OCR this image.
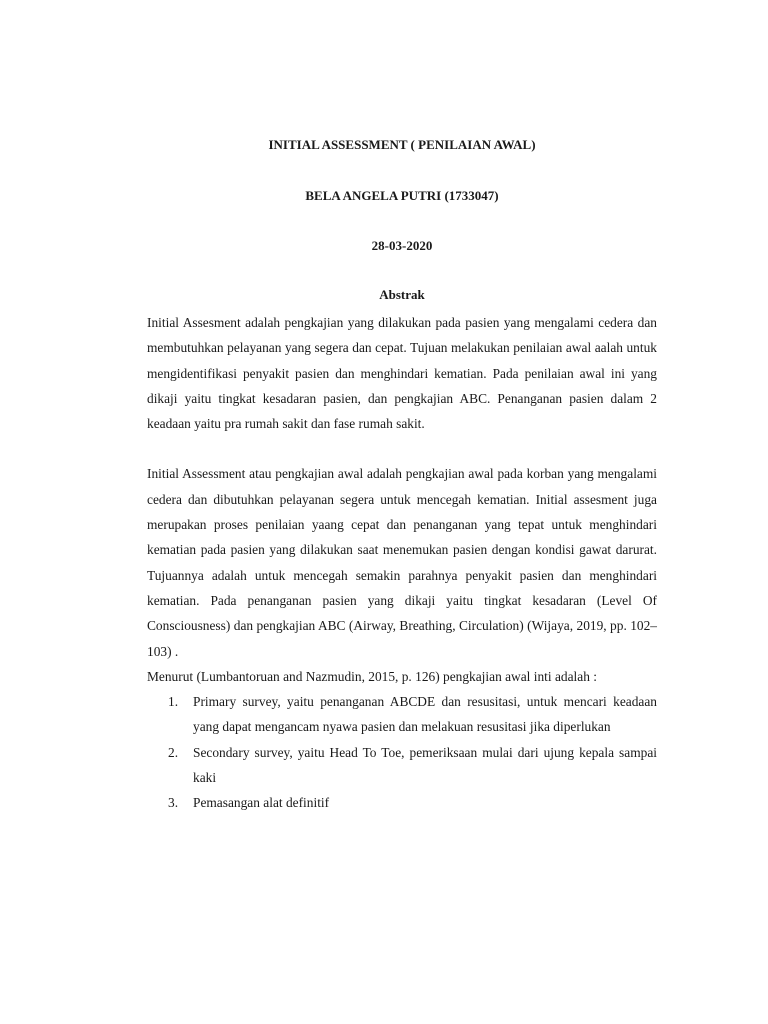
INITIAL ASSESSMENT ( PENILAIAN AWAL)

BELA ANGELA PUTRI (1733047)

28-03-2020

Abstrak

Initial Assesment adalah pengkajian yang dilakukan pada pasien yang mengalami cedera dan membutuhkan pelayanan yang segera dan cepat. Tujuan melakukan penilaian awal aalah untuk mengidentifikasi penyakit pasien dan menghindari kematian. Pada penilaian awal ini yang dikaji yaitu tingkat kesadaran pasien, dan pengkajian ABC. Penanganan pasien dalam 2 keadaan yaitu pra rumah sakit dan fase rumah sakit.

Initial Assessment atau pengkajian awal adalah pengkajian awal pada korban yang mengalami cedera dan dibutuhkan pelayanan segera untuk mencegah kematian. Initial assesment juga merupakan proses penilaian yaang cepat dan penanganan yang tepat untuk menghindari kematian pada pasien yang dilakukan saat menemukan pasien dengan kondisi gawat darurat. Tujuannya adalah untuk mencegah semakin parahnya penyakit pasien dan menghindari kematian. Pada penanganan pasien yang dikaji yaitu tingkat kesadaran (Level Of Consciousness) dan pengkajian ABC (Airway, Breathing, Circulation) (Wijaya, 2019, pp. 102–103) .

Menurut (Lumbantoruan and Nazmudin, 2015, p. 126) pengkajian awal inti adalah :

1. Primary survey, yaitu penanganan ABCDE dan resusitasi, untuk mencari keadaan yang dapat mengancam nyawa pasien dan melakuan resusitasi jika diperlukan
2. Secondary survey, yaitu Head To Toe, pemeriksaan mulai dari ujung kepala sampai kaki
3. Pemasangan alat definitif
